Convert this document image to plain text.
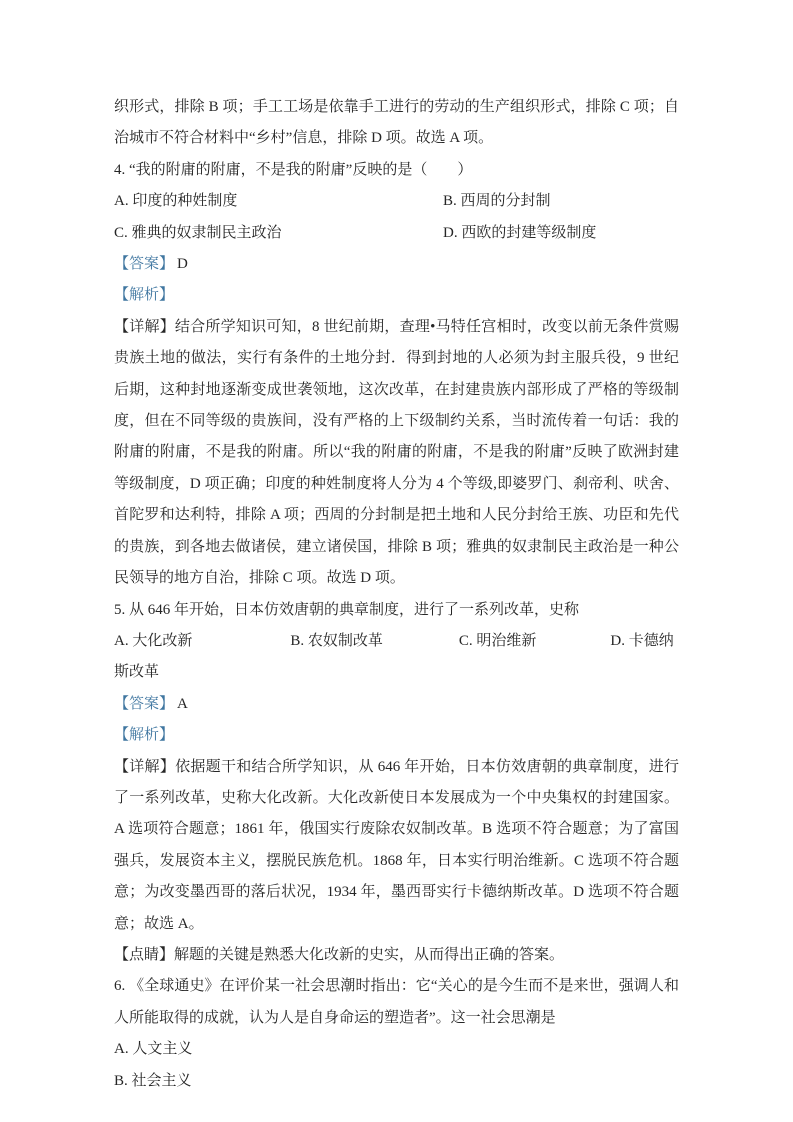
织形式，排除 B 项；手工工场是依靠手工进行的劳动的生产组织形式，排除 C 项；自治城市不符合材料中“乡村”信息，排除 D 项。故选 A 项。

4. “我的附庸的附庸，不是我的附庸”反映的是（　　）

A. 印度的种姓制度	B. 西周的分封制
C. 雅典的奴隶制民主政治	D. 西欧的封建等级制度

【答案】 D

【解析】

【详解】结合所学知识可知，8 世纪前期，查理•马特任宫相时，改变以前无条件赏赐贵族土地的做法，实行有条件的土地分封．得到封地的人必须为封主服兵役，9 世纪后期，这种封地逐渐变成世袭领地，这次改革，在封建贵族内部形成了严格的等级制度，但在不同等级的贵族间，没有严格的上下级制约关系，当时流传着一句话：我的附庸的附庸，不是我的附庸。所以“我的附庸的附庸，不是我的附庸”反映了欧洲封建等级制度，D 项正确；印度的种姓制度将人分为 4 个等级,即婆罗门、刹帝利、吠舍、首陀罗和达利特，排除 A 项；西周的分封制是把土地和人民分封给王族、功臣和先代的贵族，到各地去做诸侯，建立诸侯国，排除 B 项；雅典的奴隶制民主政治是一种公民领导的地方自治，排除 C 项。故选 D 项。

5. 从 646 年开始，日本仿效唐朝的典章制度，进行了一系列改革，史称

A. 大化改新	B. 农奴制改革	C. 明治维新	D. 卡德纳斯改革

【答案】 A

【解析】

【详解】依据题干和结合所学知识，从 646 年开始，日本仿效唐朝的典章制度，进行了一系列改革，史称大化改新。大化改新使日本发展成为一个中央集权的封建国家。A 选项符合题意；1861 年，俄国实行废除农奴制改革。B 选项不符合题意；为了富国强兵，发展资本主义，摆脱民族危机。1868 年，日本实行明治维新。C 选项不符合题意；为改变墨西哥的落后状况，1934 年，墨西哥实行卡德纳斯改革。D 选项不符合题意；故选 A。

【点睛】解题的关键是熟悉大化改新的史实，从而得出正确的答案。

6. 《全球通史》在评价某一社会思潮时指出：它“关心的是今生而不是来世，强调人和人所能取得的成就，认为人是自身命运的塑造者”。这一社会思潮是

A. 人文主义

B. 社会主义
